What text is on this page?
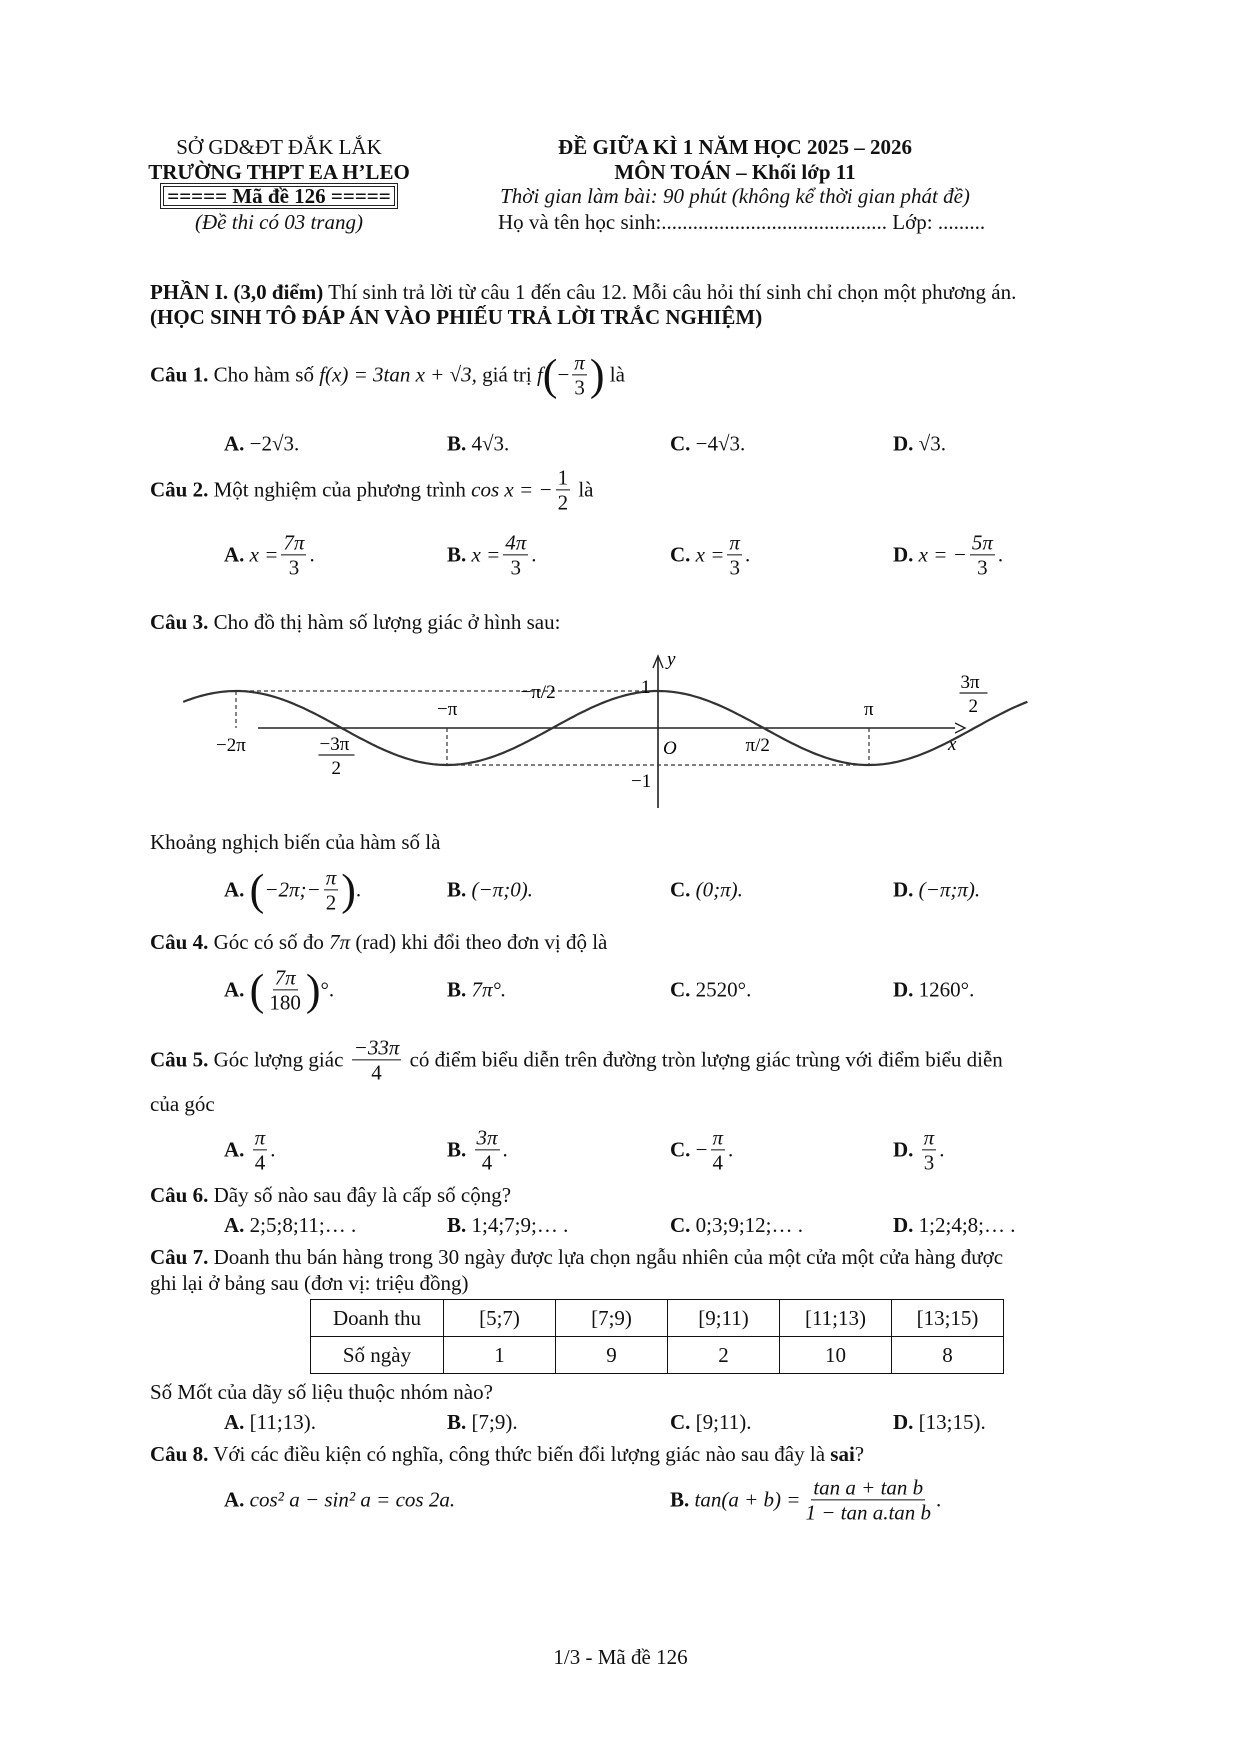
SỞ GD&ĐT ĐẮK LẮK
TRƯỜNG THPT EA H’LEO
===== Mã đề 126 =====
(Đề thi có 03 trang)
ĐỀ GIỮA KÌ 1 NĂM HỌC 2025 – 2026
MÔN TOÁN – Khối lớp 11
Thời gian làm bài: 90 phút (không kể thời gian phát đề)
Họ và tên học sinh:........................................... Lớp: .........
PHẦN I. (3,0 điểm) Thí sinh trả lời từ câu 1 đến câu 12. Mỗi câu hỏi thí sinh chỉ chọn một phương án.
(HỌC SINH TÔ ĐÁP ÁN VÀO PHIẾU TRẢ LỜI TRẮC NGHIỆM)
Câu 1.
Cho hàm số
f(x) = 3tan x + √3,
giá trị
f ( − $\frac{\pi}{3}$ )
là
A. −2√3.	B. 4√3.	C. −4√3.	D. √3.
Câu 2.
Một nghiệm của phương trình
cos x = − $\frac{1}{2}$
là
A.
$x = \frac{7\pi}{3}$ .	B.
$x = \frac{4\pi}{3}$ .	C.
$x = \frac{\pi}{3}$ .	D.
x = − $\frac{5\pi}{3}$ .
Câu 3. Cho đồ thị hàm số lượng giác ở hình sau:
y
x
−2π	−3π
2
−π
−π/2
O	π/2
π
3π
2
1
−1
Khoảng nghịch biến của hàm số là
A.
( −2π;− $\frac{\pi}{2}$ ) .	B. (−π;0).	C. (0;π).	D. (−π;π).
Câu 4. Góc có số đo 7π (rad) khi đổi theo đơn vị độ là
A.
( $\frac{7\pi}{180}$ ) °.	B. 7π°.	C. 2520°.	D. 1260°.
Câu 5.
Góc lượng giác
$\frac{-33\pi}{4}$
có điểm biểu diễn trên đường tròn lượng giác trùng với điểm biểu diễn
của góc
A.
$\frac{\pi}{4}$ .	B.
$\frac{3\pi}{4}$ .	C. − $\frac{\pi}{4}$ .	D.
$\frac{\pi}{3}$ .
Câu 6. Dãy số nào sau đây là cấp số cộng?
A. 2;5;8;11;… .	B. 1;4;7;9;… .	C. 0;3;9;12;… .	D. 1;2;4;8;… .
Câu 7. Doanh thu bán hàng trong 30 ngày được lựa chọn ngẫu nhiên của một cửa một cửa hàng được
ghi lại ở bảng sau (đơn vị: triệu đồng)
Doanh thu	[5;7)	[7;9)	[9;11)	[11;13)	[13;15)
Số ngày	1	9	2	10	8
Số Mốt của dãy số liệu thuộc nhóm nào?
A. [11;13).	B. [7;9).	C. [9;11).	D. [13;15).
Câu 8. Với các điều kiện có nghĩa, công thức biến đổi lượng giác nào sau đây là sai?
A. cos² a − sin² a = cos 2a.	B.
$\tan(a + b) = \frac{\text{tan a + tan b}}{\text{1 − tan a.tan b}}$ .
1/3 - Mã đề 126
